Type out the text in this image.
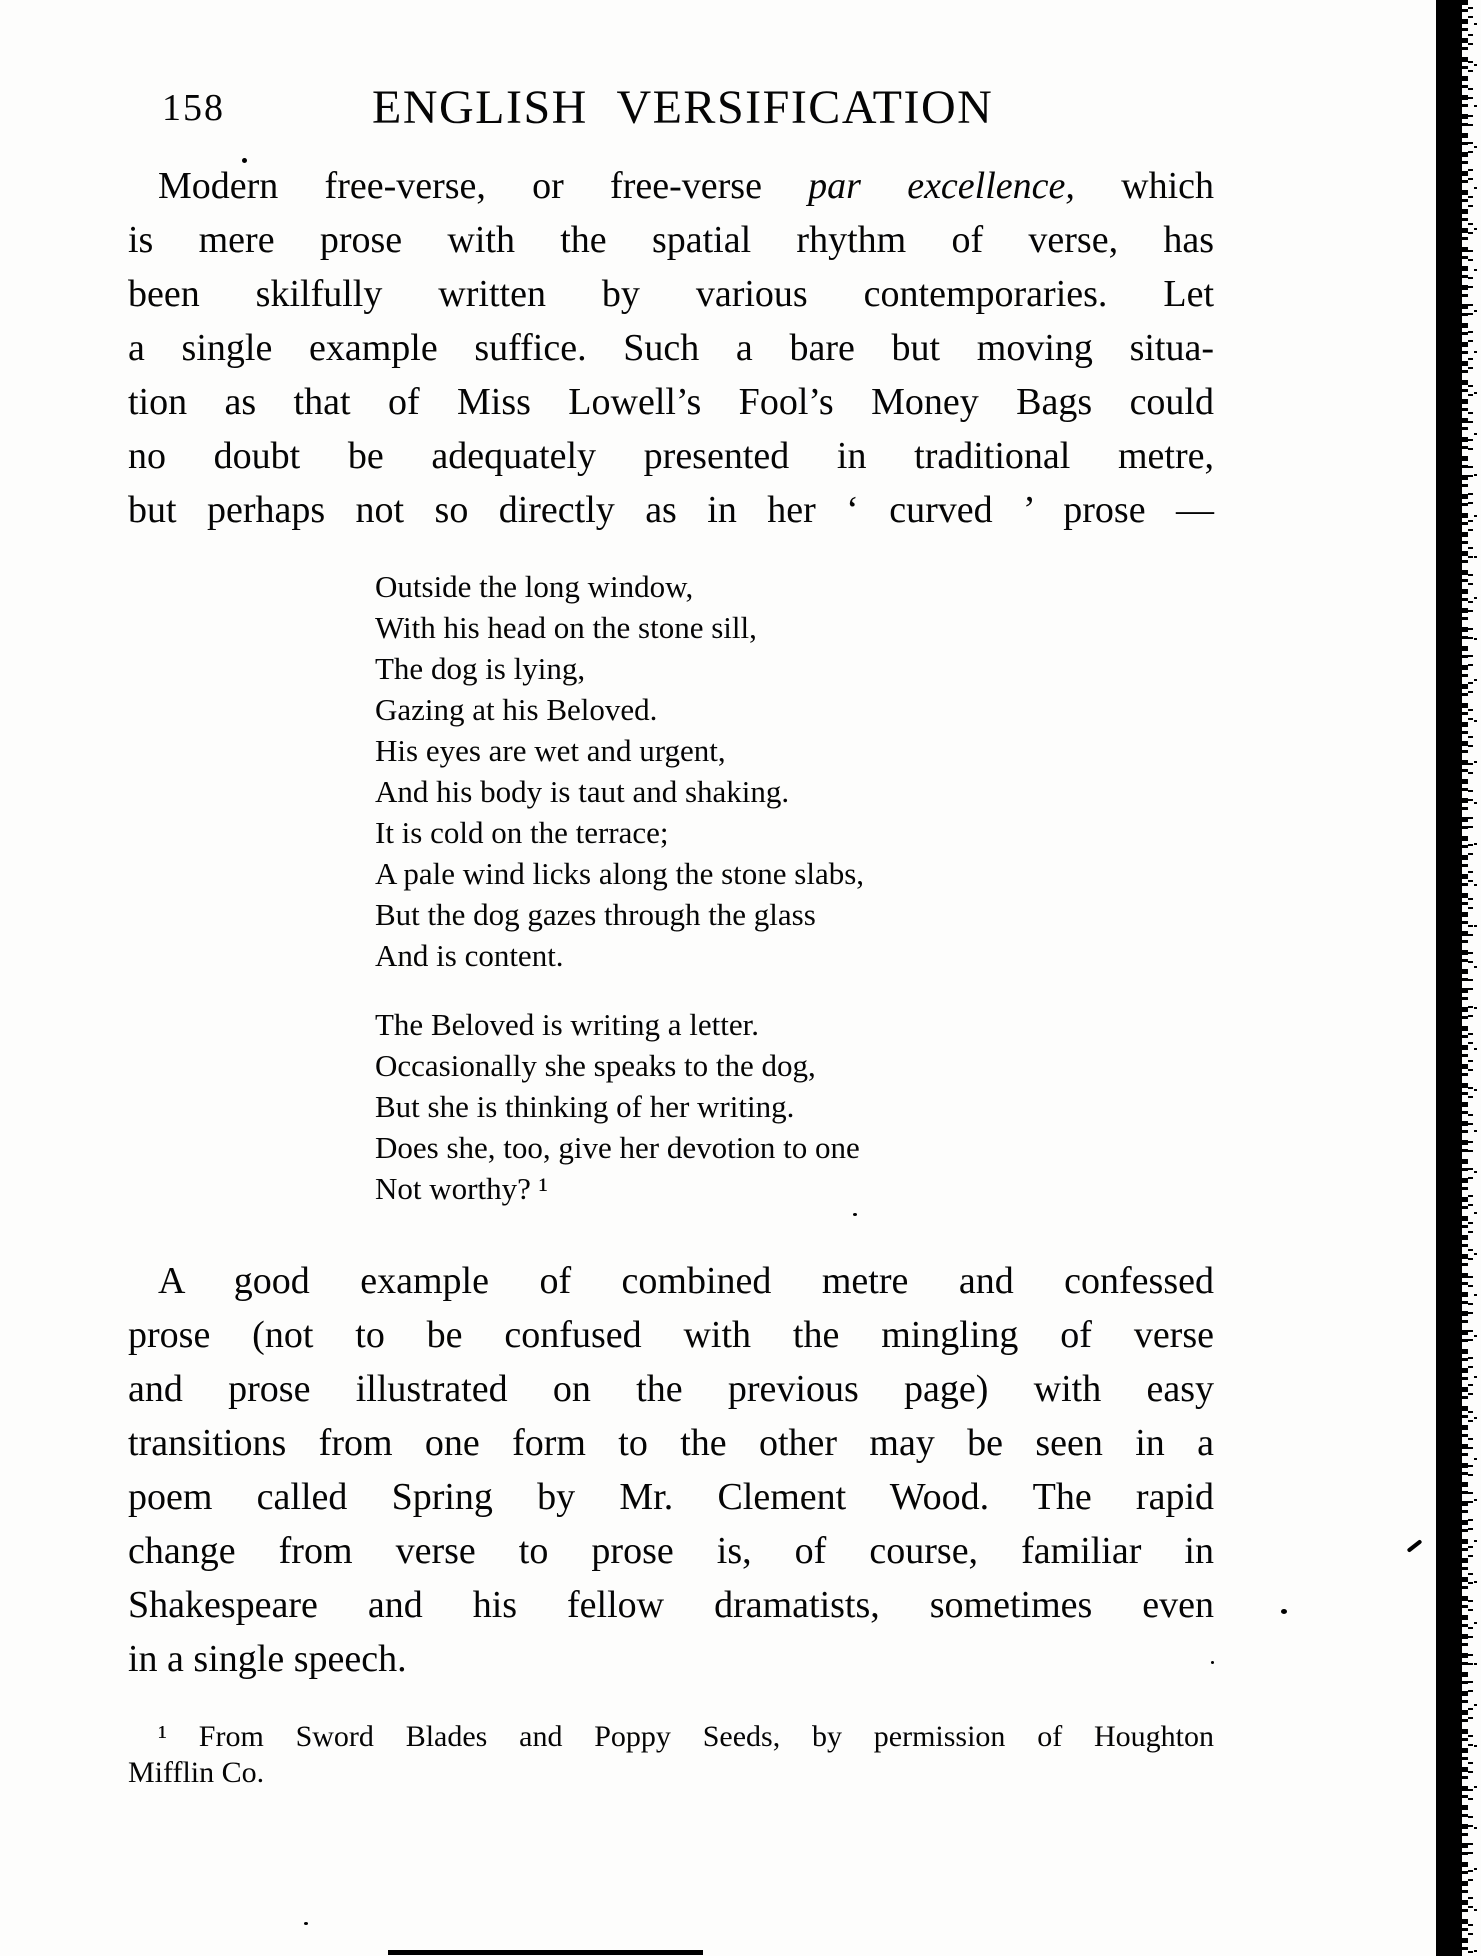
158	ENGLISH VERSIFICATION
Modern free-verse, or free-verse par excellence, which
is mere prose with the spatial rhythm of verse, has
been skilfully written by various contemporaries. Let
a single example suffice. Such a bare but moving situa-
tion as that of Miss Lowell’s Fool’s Money Bags could
no doubt be adequately presented in traditional metre,
but perhaps not so directly as in her ‘ curved ’ prose —
Outside the long window,
With his head on the stone sill,
The dog is lying,
Gazing at his Beloved.
His eyes are wet and urgent,
And his body is taut and shaking.
It is cold on the terrace;
A pale wind licks along the stone slabs,
But the dog gazes through the glass
And is content.
The Beloved is writing a letter.
Occasionally she speaks to the dog,
But she is thinking of her writing.
Does she, too, give her devotion to one
Not worthy? ¹
A good example of combined metre and confessed
prose (not to be confused with the mingling of verse
and prose illustrated on the previous page) with easy
transitions from one form to the other may be seen in a
poem called Spring by Mr. Clement Wood. The rapid
change from verse to prose is, of course, familiar in
Shakespeare and his fellow dramatists, sometimes even
in a single speech.
¹ From Sword Blades and Poppy Seeds, by permission of Houghton
Mifflin Co.
